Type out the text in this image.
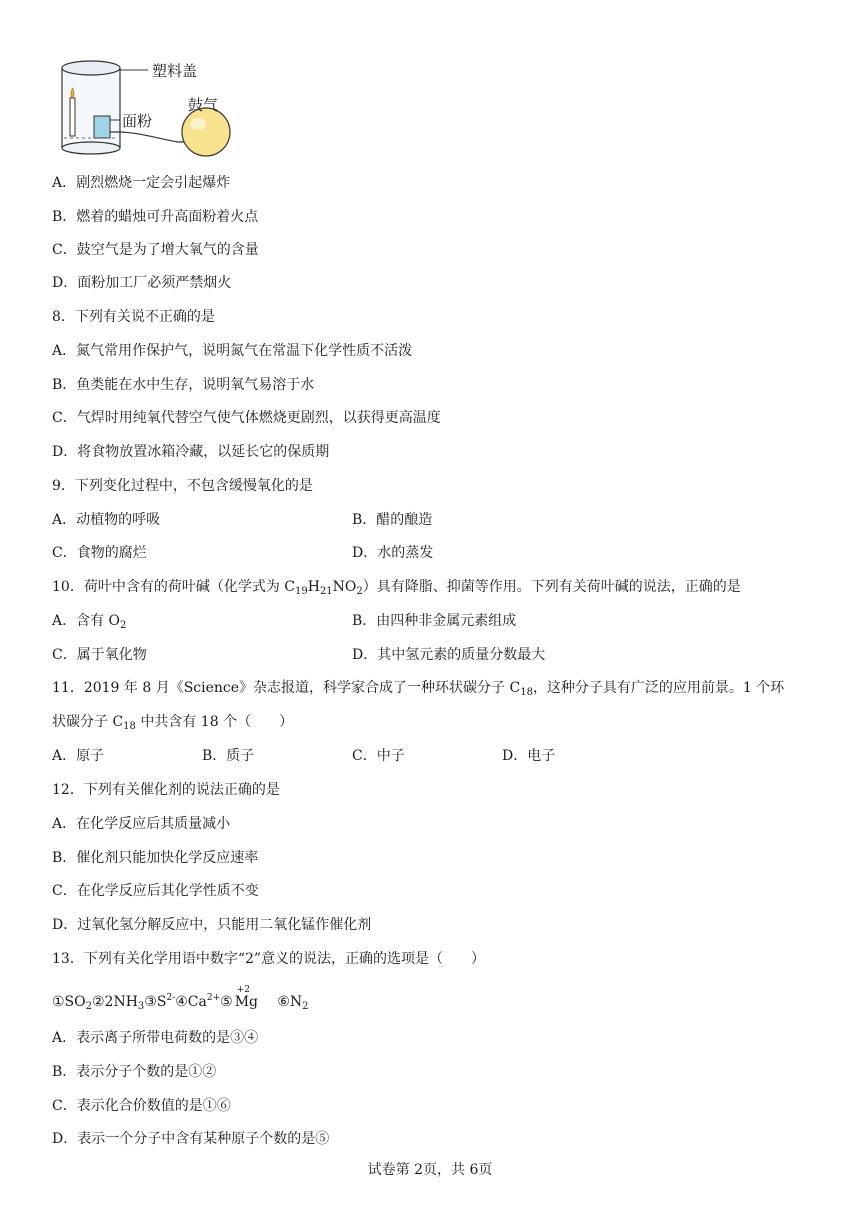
塑料盖
面粉
鼓气
A．剧烈燃烧一定会引起爆炸
B．燃着的蜡烛可升高面粉着火点
C．鼓空气是为了增大氧气的含量
D．面粉加工厂必须严禁烟火
8．下列有关说不正确的是
A．氮气常用作保护气，说明氮气在常温下化学性质不活泼
B．鱼类能在水中生存，说明氧气易溶于水
C．气焊时用纯氧代替空气使气体燃烧更剧烈，以获得更高温度
D．将食物放置冰箱冷藏，以延长它的保质期
9．下列变化过程中，不包含缓慢氧化的是
A．动植物的呼吸	B．醋的酿造
C．食物的腐烂	D．水的蒸发
10．荷叶中含有的荷叶碱（化学式为 $C_{19}H_{21}NO_2$）具有降脂、抑菌等作用。下列有关荷叶碱的说法，正确的是
A．含有 $O_2$	B．由四种非金属元素组成
C．属于氧化物	D．其中氢元素的质量分数最大
11．2019 年 8 月《Science》杂志报道，科学家合成了一种环状碳分子 $C_{18}$，这种分子具有广泛的应用前景。1 个环
状碳分子 $C_{18}$ 中共含有 18 个（　　）
A．原子	B．质子	C．中子	D．电子
12．下列有关催化剂的说法正确的是
A．在化学反应后其质量减小
B．催化剂只能加快化学反应速率
C．在化学反应后其化学性质不变
D．过氧化氢分解反应中，只能用二氧化锰作催化剂
13．下列有关化学用语中数字“2”意义的说法，正确的选项是（　　）
$①SO_2②2NH_3③S^{2-}④Ca^{2+}⑤$
+2
Mg $⑥N_2$
A．表示离子所带电荷数的是③④
B．表示分子个数的是①②
C．表示化合价数值的是①⑥
D．表示一个分子中含有某种原子个数的是⑤
试卷第 2页，共 6页
